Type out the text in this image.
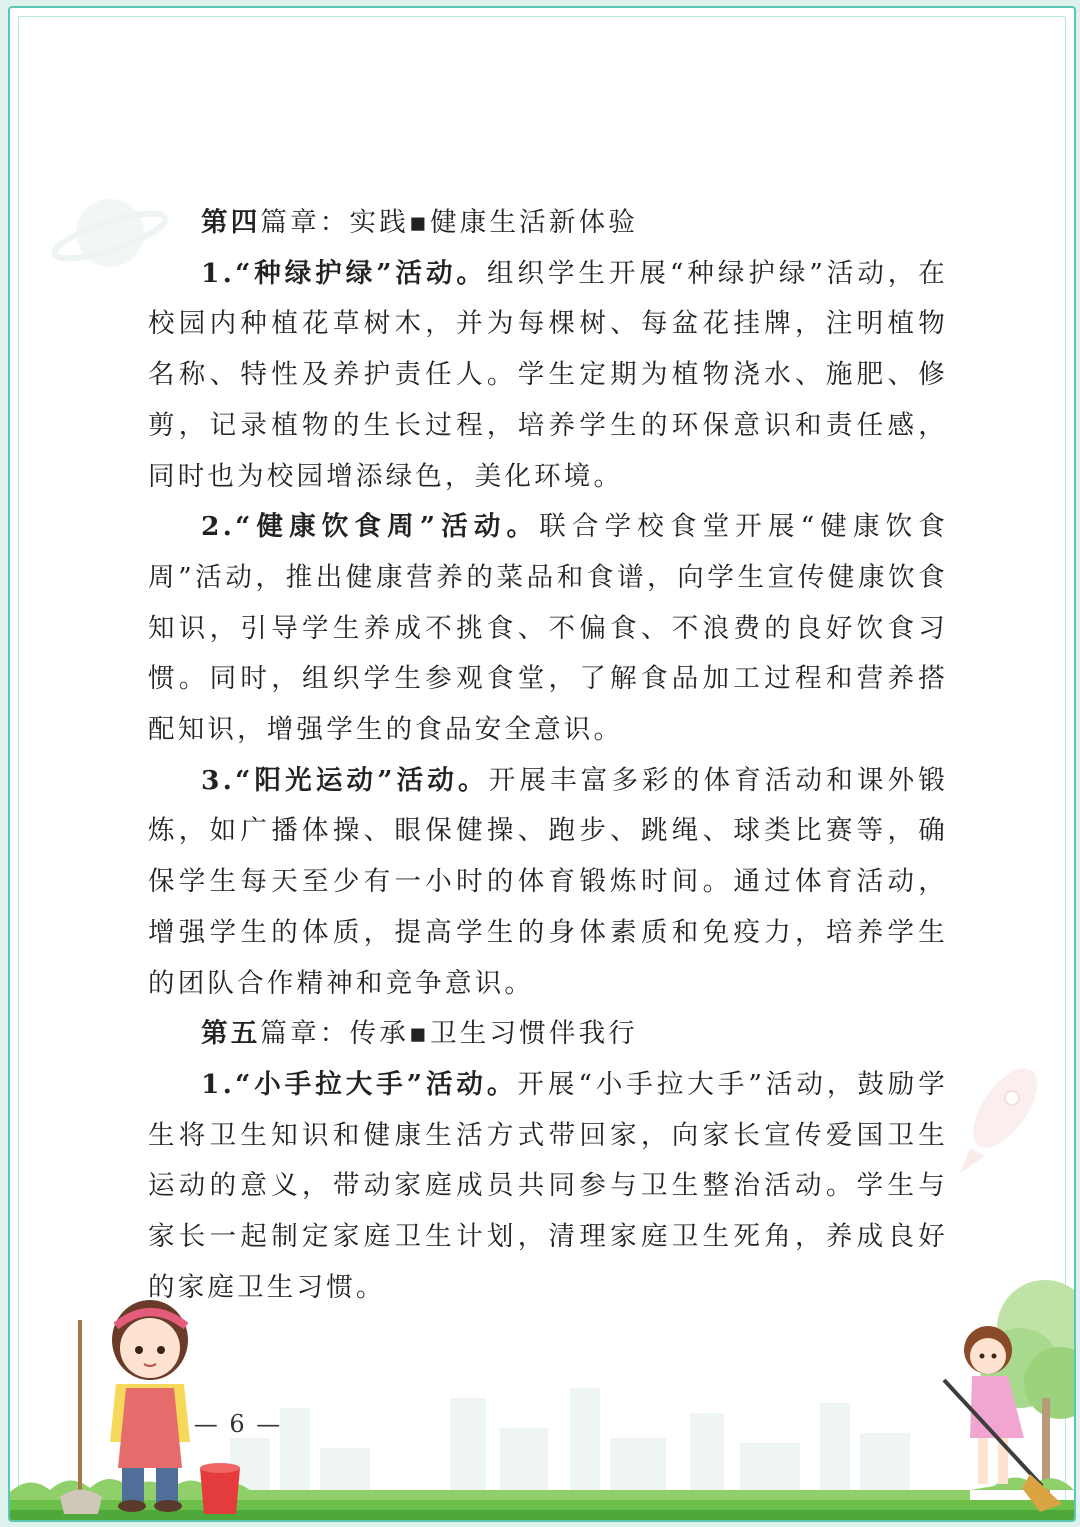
第四篇章：实践▪健康生活新体验

1.“种绿护绿”活动。组织学生开展“种绿护绿”活动，在校园内种植花草树木，并为每棵树、每盆花挂牌，注明植物名称、特性及养护责任人。学生定期为植物浇水、施肥、修剪，记录植物的生长过程，培养学生的环保意识和责任感，同时也为校园增添绿色，美化环境。

2.“健康饮食周”活动。联合学校食堂开展“健康饮食周”活动，推出健康营养的菜品和食谱，向学生宣传健康饮食知识，引导学生养成不挑食、不偏食、不浪费的良好饮食习惯。同时，组织学生参观食堂，了解食品加工过程和营养搭配知识，增强学生的食品安全意识。

3.“阳光运动”活动。开展丰富多彩的体育活动和课外锻炼，如广播体操、眼保健操、跑步、跳绳、球类比赛等，确保学生每天至少有一小时的体育锻炼时间。通过体育活动，增强学生的体质，提高学生的身体素质和免疫力，培养学生的团队合作精神和竞争意识。

第五篇章：传承▪卫生习惯伴我行

1.“小手拉大手”活动。开展“小手拉大手”活动，鼓励学生将卫生知识和健康生活方式带回家，向家长宣传爱国卫生运动的意义，带动家庭成员共同参与卫生整治活动。学生与家长一起制定家庭卫生计划，清理家庭卫生死角，养成良好的家庭卫生习惯。

— 6 —
